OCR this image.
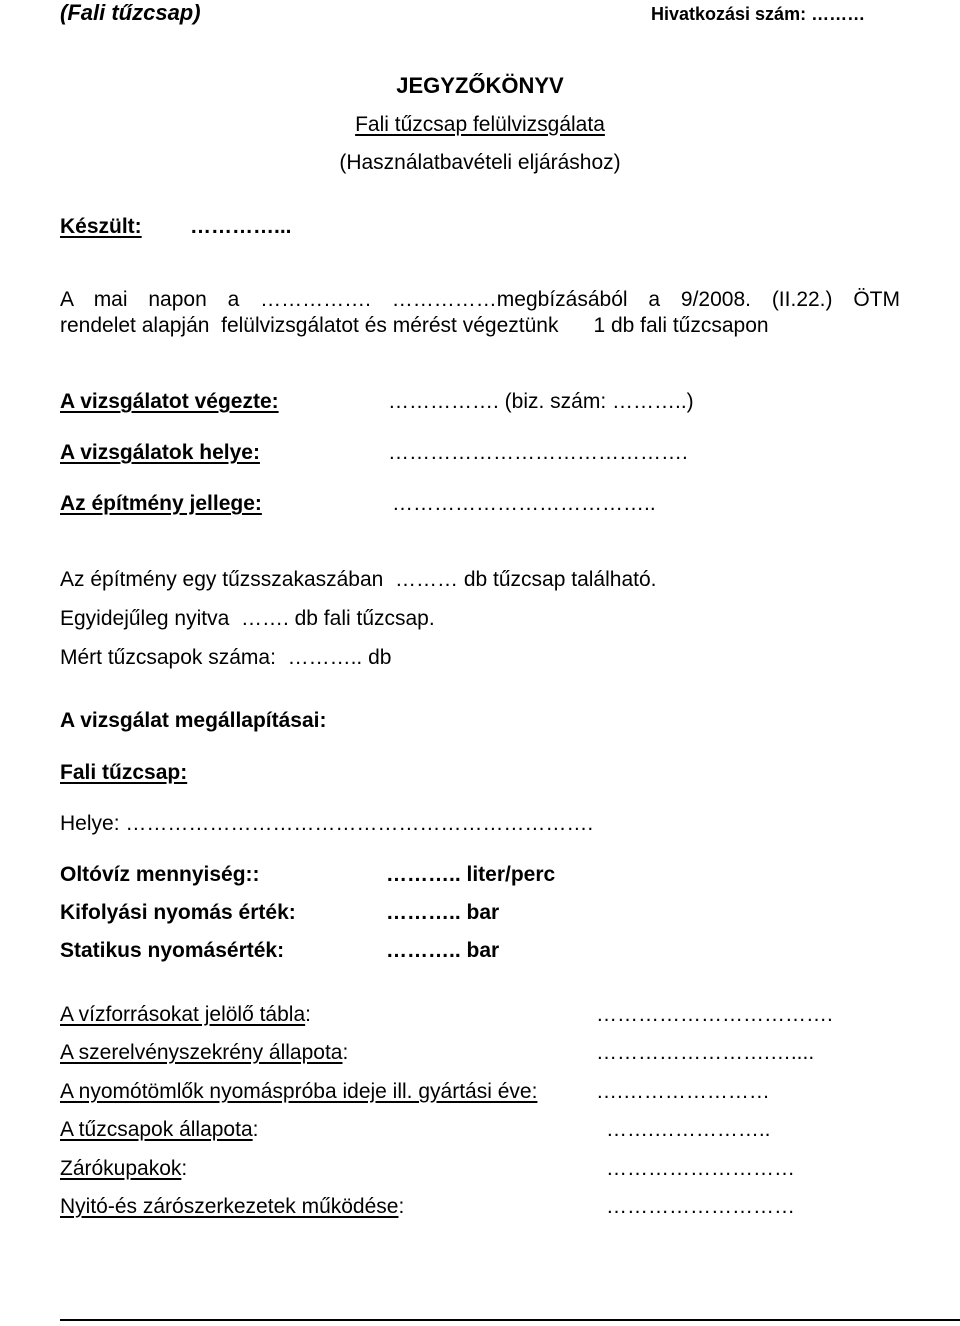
(Fali tűzcsap)	Hivatkozási szám: ………
JEGYZŐKÖNYV
Fali tűzcsap felülvizsgálata
(Használatbavételi eljáráshoz)
Készült: …………...
A mai napon a ……………. ……………megbízásából a 9/2008. (II.22.) ÖTM
rendelet alapján  felülvizsgálatot és mérést végeztünk      1 db fali tűzcsapon
A vizsgálatot végezte:	……………. (biz. szám: ………..)
A vizsgálatok helye:	…………………………………….
Az építmény jellege:	………………………………..
Az építmény egy tűzsszakaszában  ……… db tűzcsap található.
Egyidejűleg nyitva  ……. db fali tűzcsap.
Mért tűzcsapok száma:  ……….. db
A vizsgálat megállapításai:
Fali tűzcsap:
Helye: ………………………………………………………….
Oltóvíz mennyiség::	……….. liter/perc
Kifolyási nyomás érték:	……….. bar
Statikus nyomásérték:	……….. bar
A vízforrásokat jelölő tábla:	…………………………….
A szerelvényszekrény állapota:	…………………….…....
A nyomótömlők nyomáspróba ideje ill. gyártási éve:	….…………………
A tűzcsapok állapota:	…….……………..
Zárókupakok:	………………………
Nyitó-és zárószerkezetek működése:	………………………
